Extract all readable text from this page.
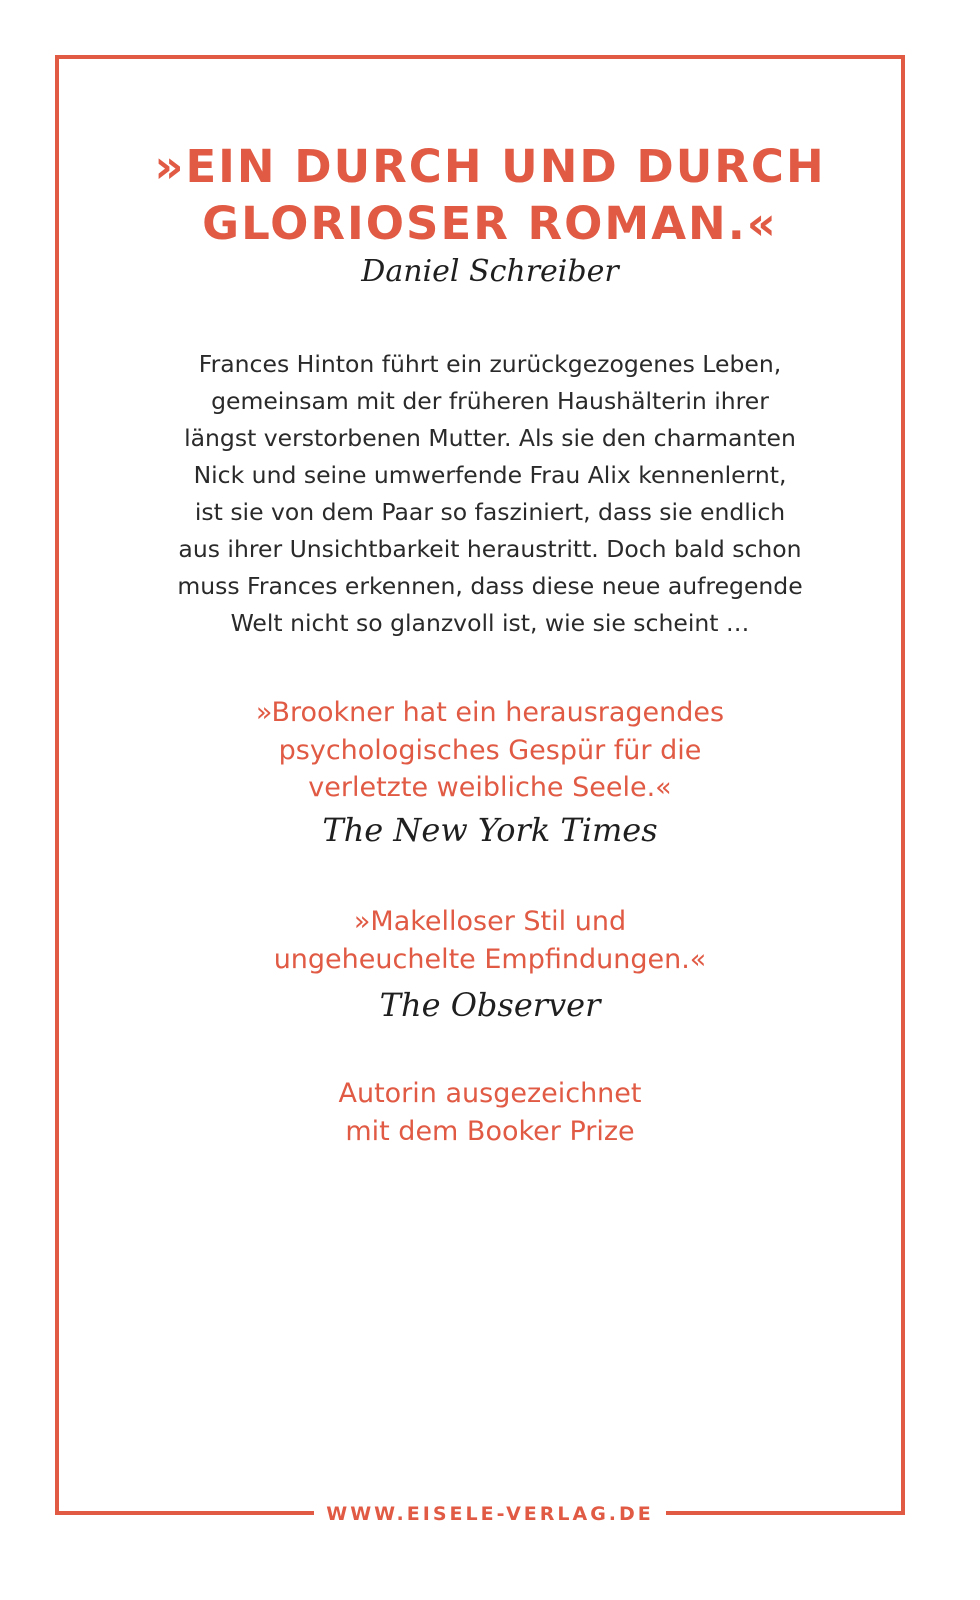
»EIN DURCH UND DURCH
GLORIOSER ROMAN.«
Daniel Schreiber
Frances Hinton führt ein zurückgezogenes Leben,
gemeinsam mit der früheren Haushälterin ihrer
längst verstorbenen Mutter. Als sie den charmanten
Nick und seine umwerfende Frau Alix kennenlernt,
ist sie von dem Paar so fasziniert, dass sie endlich
aus ihrer Unsichtbarkeit heraustritt. Doch bald schon
muss Frances erkennen, dass diese neue aufregende
Welt nicht so glanzvoll ist, wie sie scheint …
»Brookner hat ein herausragendes
psychologisches Gespür für die
verletzte weibliche Seele.«
The New York Times
»Makelloser Stil und
ungeheuchelte Empfindungen.«
The Observer
Autorin ausgezeichnet
mit dem Booker Prize
WWW.EISELE-VERLAG.DE
